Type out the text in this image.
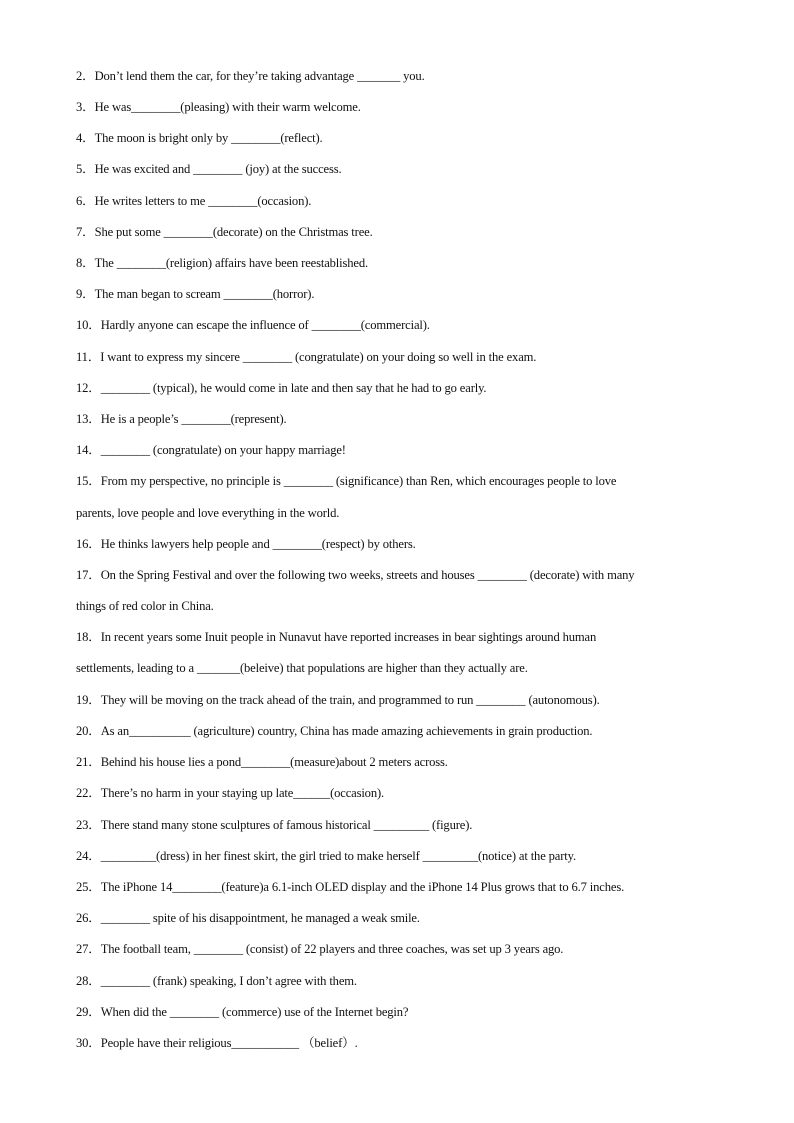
2．Don’t lend them the car, for they’re taking advantage _______ you.
3．He was________(pleasing) with their warm welcome.
4．The moon is bright only by ________(reflect).
5．He was excited and ________ (joy) at the success.
6．He writes letters to me ________(occasion).
7．She put some ________(decorate) on the Christmas tree.
8．The ________(religion) affairs have been reestablished.
9．The man began to scream ________(horror).
10．Hardly anyone can escape the influence of ________(commercial).
11．I want to express my sincere ________ (congratulate) on your doing so well in the exam.
12．________ (typical), he would come in late and then say that he had to go early.
13．He is a people’s ________(represent).
14．________ (congratulate) on your happy marriage!
15．From my perspective, no principle is ________ (significance) than Ren, which encourages people to love
parents, love people and love everything in the world.
16．He thinks lawyers help people and ________(respect) by others.
17．On the Spring Festival and over the following two weeks, streets and houses ________ (decorate) with many
things of red color in China.
18．In recent years some Inuit people in Nunavut have reported increases in bear sightings around human
settlements, leading to a _______(beleive) that populations are higher than they actually are.
19．They will be moving on the track ahead of the train, and programmed to run ________ (autonomous).
20．As an__________ (agriculture) country, China has made amazing achievements in grain production.
21．Behind his house lies a pond________(measure)about 2 meters across.
22．There’s no harm in your staying up late______(occasion).
23．There stand many stone sculptures of famous historical _________ (figure).
24．_________(dress) in her finest skirt, the girl tried to make herself _________(notice) at the party.
25．The iPhone 14________(feature)a 6.1-inch OLED display and the iPhone 14 Plus grows that to 6.7 inches.
26．________ spite of his disappointment, he managed a weak smile.
27．The football team, ________ (consist) of 22 players and three coaches, was set up 3 years ago.
28．________ (frank) speaking, I don’t agree with them.
29．When did the ________ (commerce) use of the Internet begin?
30．People have their religious___________ （belief）.
